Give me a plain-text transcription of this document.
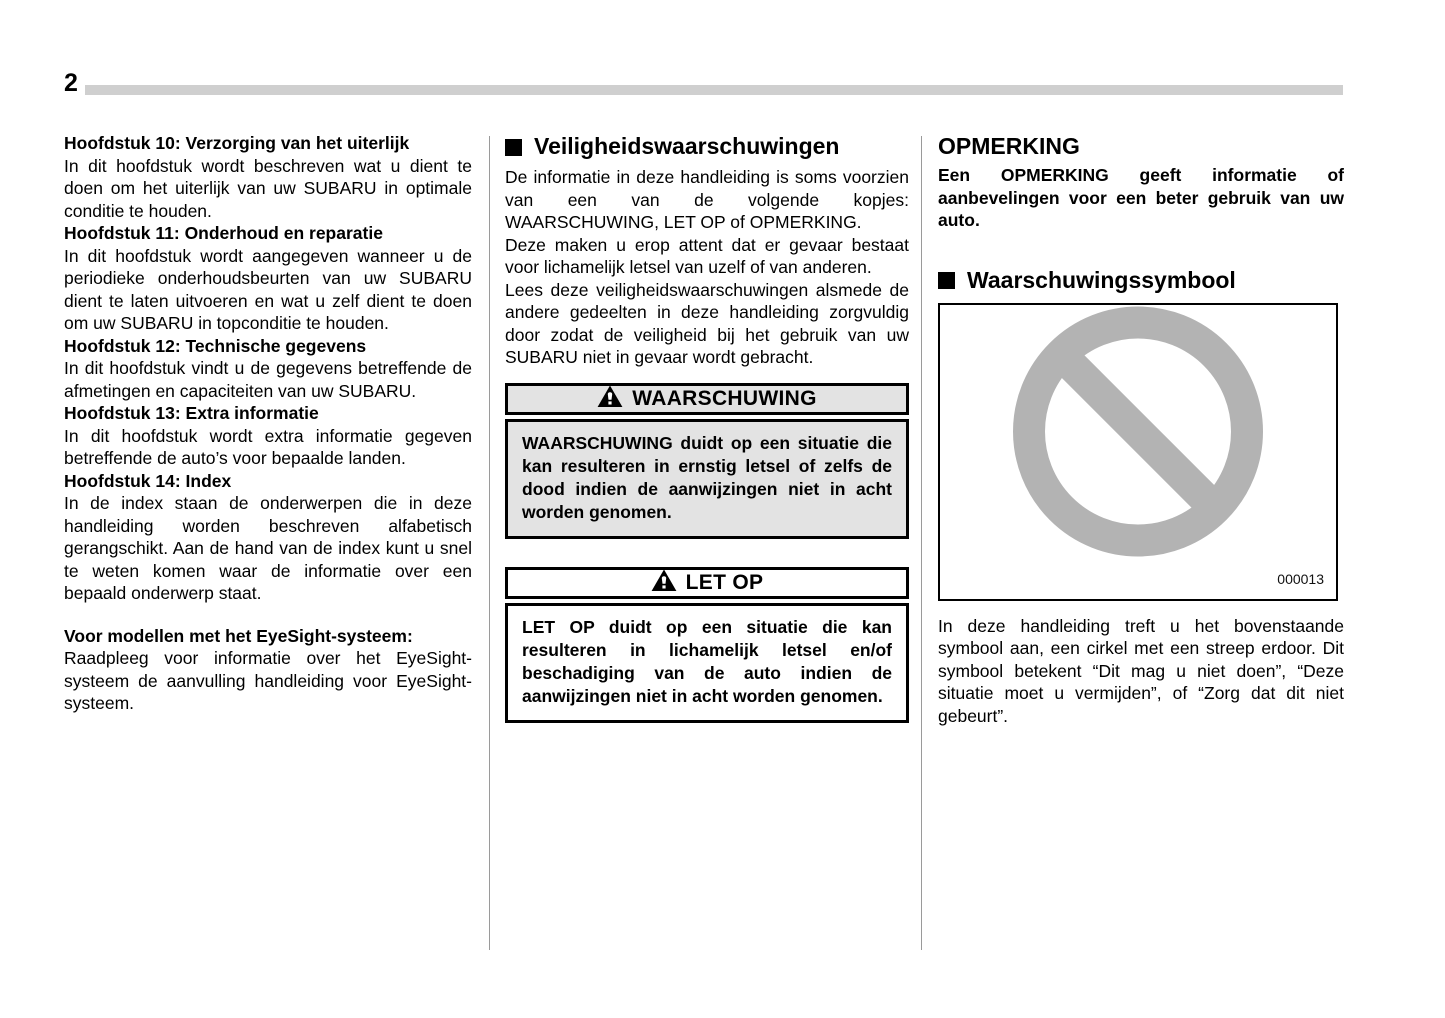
2
Hoofdstuk 10: Verzorging van het uiterlijk
In dit hoofdstuk wordt beschreven wat u dient te doen om het uiterlijk van uw SUBARU in optimale conditie te houden.
Hoofdstuk 11: Onderhoud en reparatie
In dit hoofdstuk wordt aangegeven wanneer u de periodieke onderhoudsbeurten van uw SUBARU dient te laten uitvoeren en wat u zelf dient te doen om uw SUBARU in topconditie te houden.
Hoofdstuk 12: Technische gegevens
In dit hoofdstuk vindt u de gegevens betreffende de afmetingen en capaciteiten van uw SUBARU.
Hoofdstuk 13: Extra informatie
In dit hoofdstuk wordt extra informatie gegeven betreffende de auto’s voor bepaalde landen.
Hoofdstuk 14: Index
In de index staan de onderwerpen die in deze handleiding worden beschreven alfabetisch gerangschikt. Aan de hand van de index kunt u snel te weten komen waar de informatie over een bepaald onderwerp staat.
Voor modellen met het EyeSight-systeem:
Raadpleeg voor informatie over het EyeSight-systeem de aanvulling handleiding voor EyeSight-systeem.
Veiligheidswaarschuwingen
De informatie in deze handleiding is soms voorzien van een van de volgende kopjes: WAARSCHUWING, LET OP of OPMERKING.
Deze maken u erop attent dat er gevaar bestaat voor lichamelijk letsel van uzelf of van anderen.
Lees deze veiligheidswaarschuwingen alsmede de andere gedeelten in deze handleiding zorgvuldig door zodat de veiligheid bij het gebruik van uw SUBARU niet in gevaar wordt gebracht.
WAARSCHUWING

WAARSCHUWING duidt op een situatie die kan resulteren in ernstig letsel of zelfs de dood indien de aanwijzingen niet in acht worden genomen.

LET OP

LET OP duidt op een situatie die kan resulteren in lichamelijk letsel en/of beschadiging van de auto indien de aanwijzingen niet in acht worden genomen.

OPMERKING
Een OPMERKING geeft informatie of aanbevelingen voor een beter gebruik van uw auto.
Waarschuwingssymbool
000013
In deze handleiding treft u het bovenstaande symbool aan, een cirkel met een streep erdoor. Dit symbool betekent “Dit mag u niet doen”, “Deze situatie moet u vermijden”, of “Zorg dat dit niet gebeurt”.
